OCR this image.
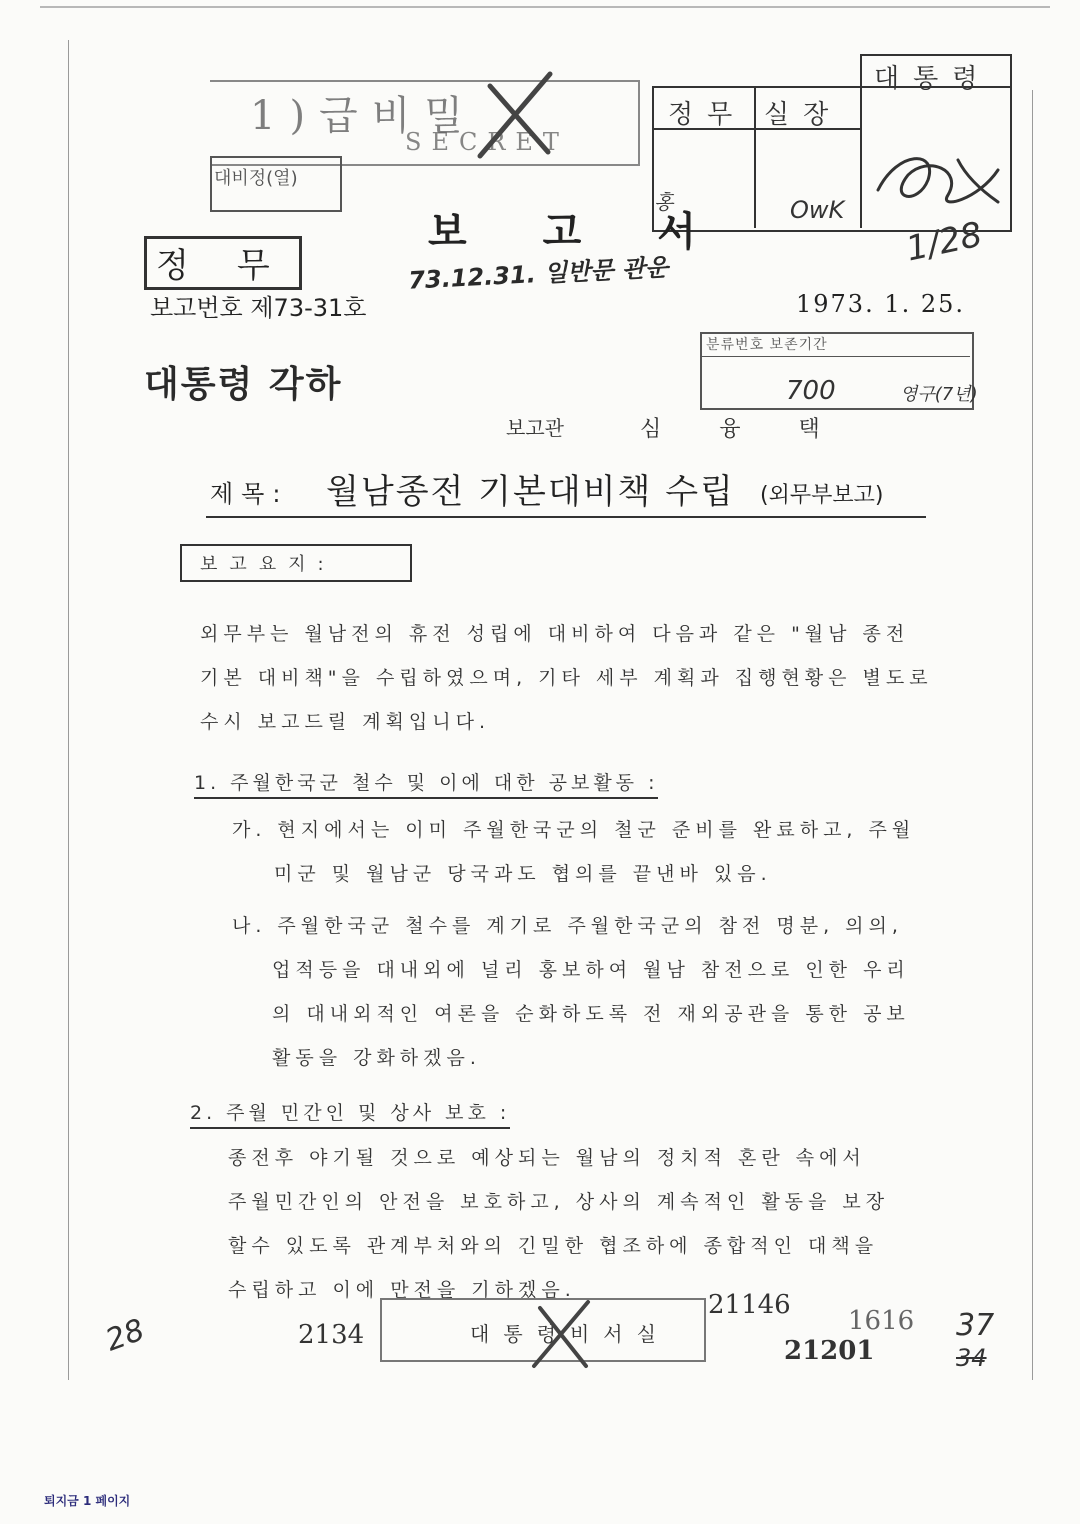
1)급비밀
SECRET
대비정(열)
대통령
정무 실장
홍	OwK
1/28
보고서
정무	73.12.31. 일반문 관운
보고번호 제73-31호	1973. 1. 25.
분류번호 보존기간
700	영구(7년)
대통령 각하
보고관	심융택
제목: 월남종전 기본대비책 수립 (외무부보고)
보고요지:
외무부는 월남전의 휴전 성립에 대비하여 다음과 같은 "월남 종전
기본 대비책"을 수립하였으며, 기타 세부 계획과 집행현황은 별도로
수시 보고드릴 계획입니다.
1. 주월한국군 철수 및 이에 대한 공보활동 :
가. 현지에서는 이미 주월한국군의 철군 준비를 완료하고, 주월
미군 및 월남군 당국과도 협의를 끝낸바 있음.
나. 주월한국군 철수를 계기로 주월한국군의 참전 명분, 의의,
업적등을 대내외에 널리 홍보하여 월남 참전으로 인한 우리
의 대내외적인 여론을 순화하도록 전 재외공관을 통한 공보
활동을 강화하겠음.
2. 주월 민간인 및 상사 보호 :
종전후 야기될 것으로 예상되는 월남의 정치적 혼란 속에서
주월민간인의 안전을 보호하고, 상사의 계속적인 활동을 보장
할수 있도록 관계부처와의 긴밀한 협조하에 종합적인 대책을
수립하고 이에 만전을 기하겠음.
28	2134	대통령비서실
21146
1616
21201
37
34
퇴지금 1 페이지
